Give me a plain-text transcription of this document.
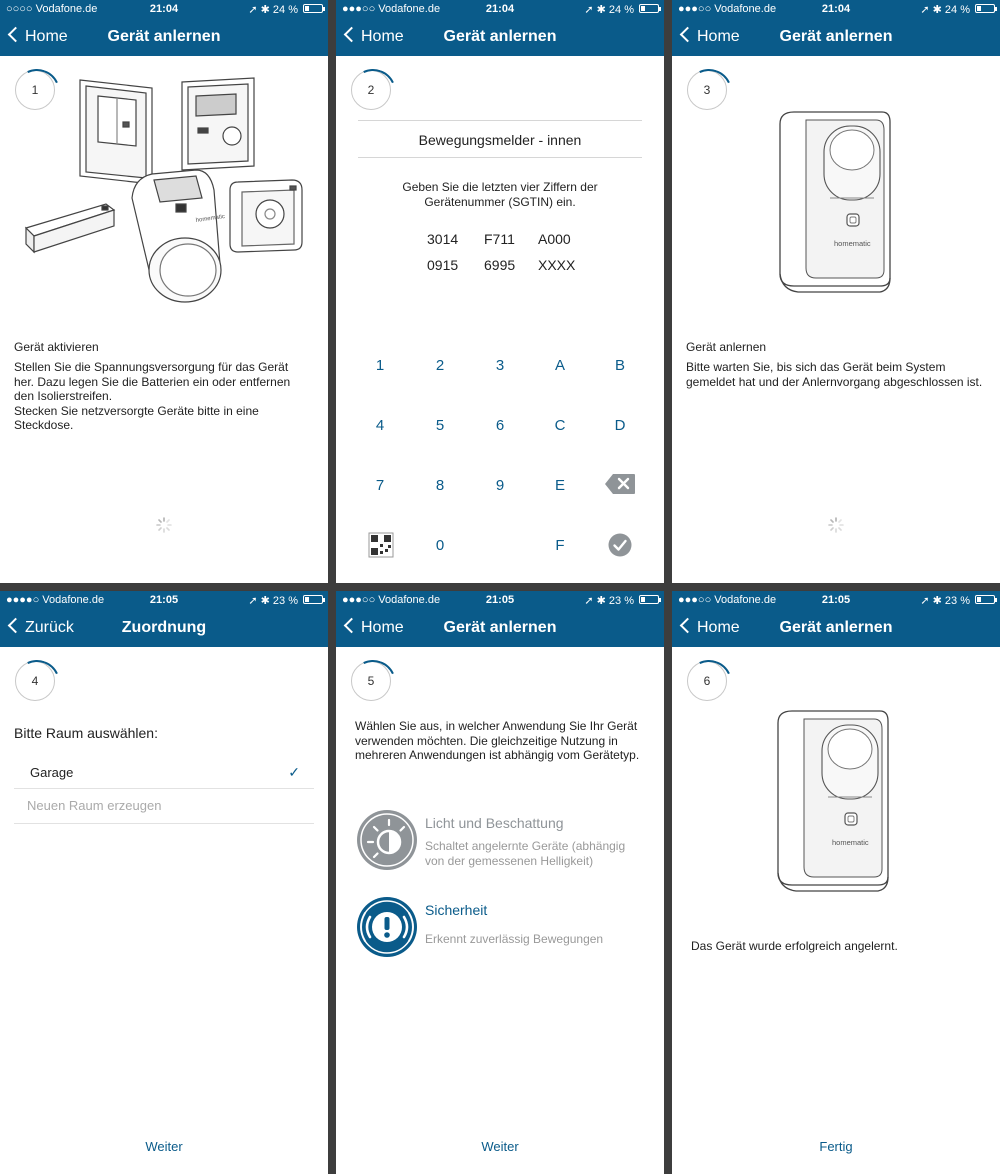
○○○○ Vodafone.de	21:04	➚ ✱ 24 %
Home	Gerät anlernen
1
homematic
Gerät aktivieren
Stellen Sie die Spannungsversorgung für das Gerät her. Dazu legen Sie die Batterien ein oder entfernen den Isolierstreifen.
Stecken Sie netzversorgte Geräte bitte in eine Steckdose.
●●●○○ Vodafone.de	21:04	➚ ✱ 24 %
Home	Gerät anlernen
2
Bewegungsmelder - innen
Geben Sie die letzten vier Ziffern der Gerätenummer (SGTIN) ein.
3014 F711 A000
0915 6995 XXXX
1	2	3	A	B
4	5	6	C	D
7	8	9	E
0	F
●●●○○ Vodafone.de	21:04	➚ ✱ 24 %
Home	Gerät anlernen
3
homematic
Gerät anlernen
Bitte warten Sie, bis sich das Gerät beim System gemeldet hat und der Anlernvorgang abgeschlossen ist.
●●●●○ Vodafone.de	21:05	➚ ✱ 23 %
Zurück	Zuordnung
4
Bitte Raum auswählen:
Garage	✓
Neuen Raum erzeugen
Weiter
●●●○○ Vodafone.de	21:05	➚ ✱ 23 %
Home	Gerät anlernen
5
Wählen Sie aus, in welcher Anwendung Sie Ihr Gerät verwenden möchten. Die gleichzeitige Nutzung in mehreren Anwendungen ist abhängig vom Gerätetyp.
Licht und Beschattung
Schaltet angelernte Geräte (abhängig von der gemessenen Helligkeit)
Sicherheit
Erkennt zuverlässig Bewegungen
Weiter
●●●○○ Vodafone.de	21:05	➚ ✱ 23 %
Home	Gerät anlernen
6
homematic
Das Gerät wurde erfolgreich angelernt.
Fertig
